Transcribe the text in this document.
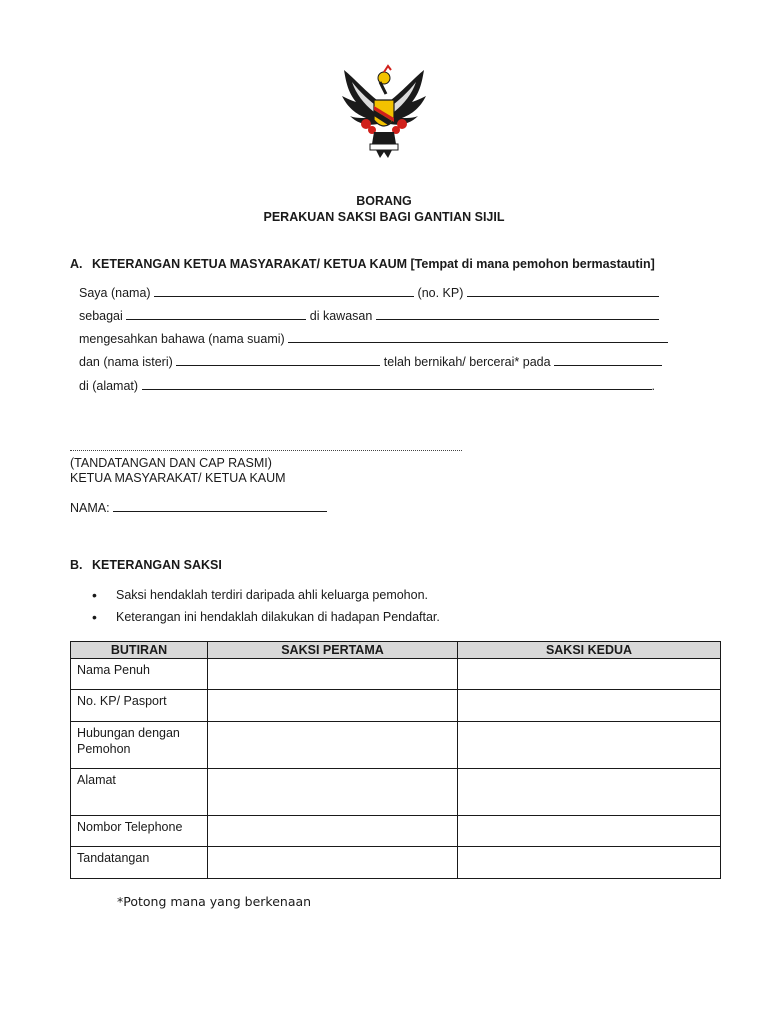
BORANG
PERAKUAN SAKSI BAGI GANTIAN SIJIL
A. KETERANGAN KETUA MASYARAKAT/ KETUA KAUM [Tempat di mana pemohon bermastautin]
Saya (nama)	(no. KP)
sebagai	di kawasan
mengesahkan bahawa (nama suami)
dan (nama isteri)	telah bernikah/ bercerai* pada
di (alamat)	.
(TANDATANGAN DAN CAP RASMI)
KETUA MASYARAKAT/ KETUA KAUM
NAMA:
B. KETERANGAN SAKSI
• Saksi hendaklah terdiri daripada ahli keluarga pemohon.
• Keterangan ini hendaklah dilakukan di hadapan Pendaftar.
BUTIRAN	SAKSI PERTAMA	SAKSI KEDUA
Nama Penuh		
No. KP/ Pasport		
Hubungan dengan Pemohon		
Alamat		
Nombor Telephone		
Tandatangan		
*Potong mana yang berkenaan
